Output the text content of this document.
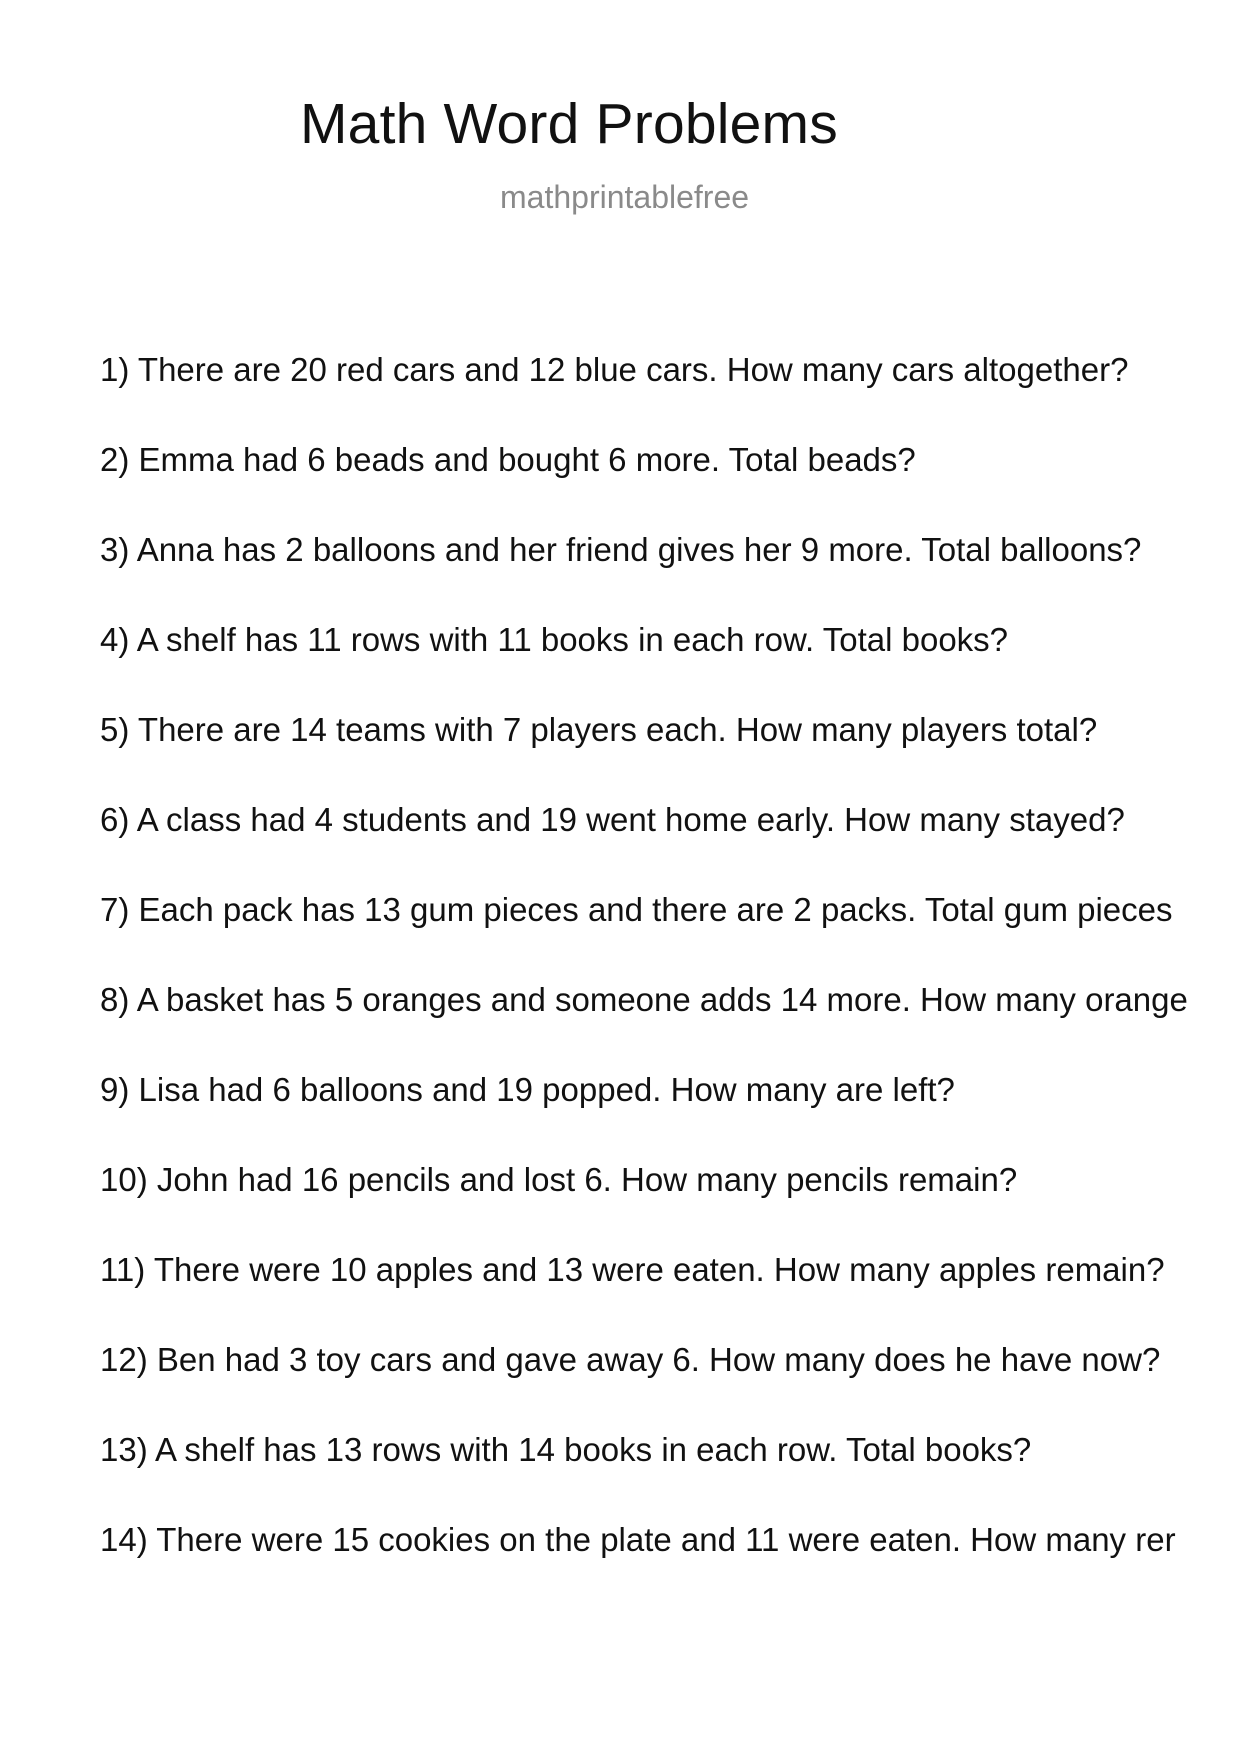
Math Word Problems
mathprintablefree
1) There are 20 red cars and 12 blue cars. How many cars altogether?
2) Emma had 6 beads and bought 6 more. Total beads?
3) Anna has 2 balloons and her friend gives her 9 more. Total balloons?
4) A shelf has 11 rows with 11 books in each row. Total books?
5) There are 14 teams with 7 players each. How many players total?
6) A class had 4 students and 19 went home early. How many stayed?
7) Each pack has 13 gum pieces and there are 2 packs. Total gum pieces
8) A basket has 5 oranges and someone adds 14 more. How many orange
9) Lisa had 6 balloons and 19 popped. How many are left?
10) John had 16 pencils and lost 6. How many pencils remain?
11) There were 10 apples and 13 were eaten. How many apples remain?
12) Ben had 3 toy cars and gave away 6. How many does he have now?
13) A shelf has 13 rows with 14 books in each row. Total books?
14) There were 15 cookies on the plate and 11 were eaten. How many rer
